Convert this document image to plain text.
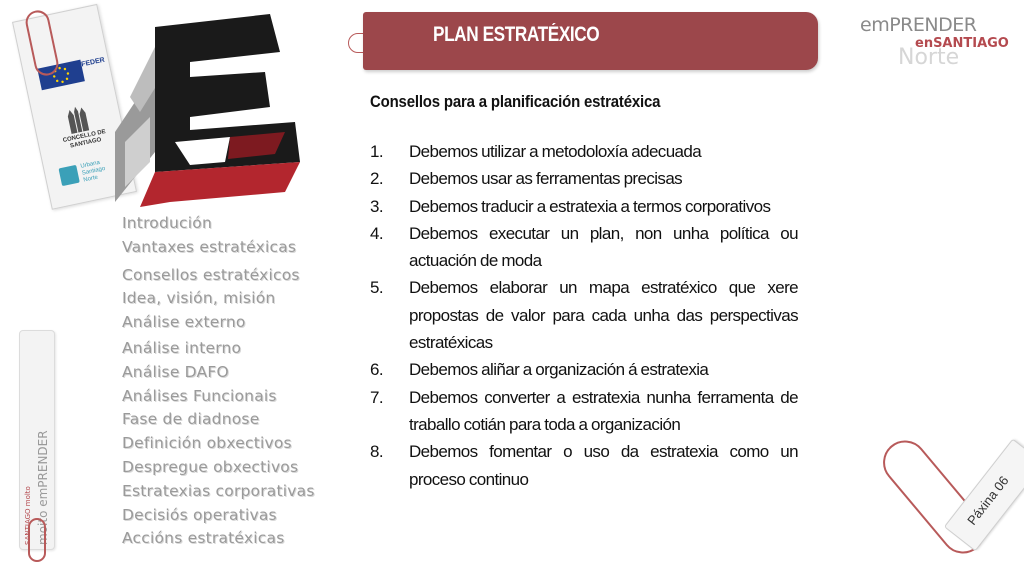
FEDER
CONCELLO DE SANTIAGO
Urbana Santiago Norte
Introdución
Vantaxes estratéxicas
Consellos estratéxicos
Idea, visión, misión
Análise externo
Análise interno
Análise DAFO
Análises Funcionais
Fase de diadnose
Definición obxectivos
Despregue obxectivos
Estratexias corporativas
Decisiós operativas
Accións estratéxicas
PLAN ESTRATÉXICO	emPRENDER
Norte
enSANTIAGO
Consellos para a planificación estratéxica
1. Debemos utilizar a metodoloxía adecuada
2. Debemos usar as ferramentas precisas
3. Debemos traducir a estratexia a termos corporativos
4. Debemos executar un plan, non unha política ou actuación de moda
5. Debemos elaborar un mapa estratéxico que xere propostas de valor para cada unha das perspectivas estratéxicas
6. Debemos aliñar a organización á estratexia
7. Debemos converter a estratexia nunha ferramenta de traballo cotián para toda a organización
8. Debemos fomentar o uso da estratexia como un proceso continuo
SANTIAGO molto moito emPRENDER	Páxina 06
